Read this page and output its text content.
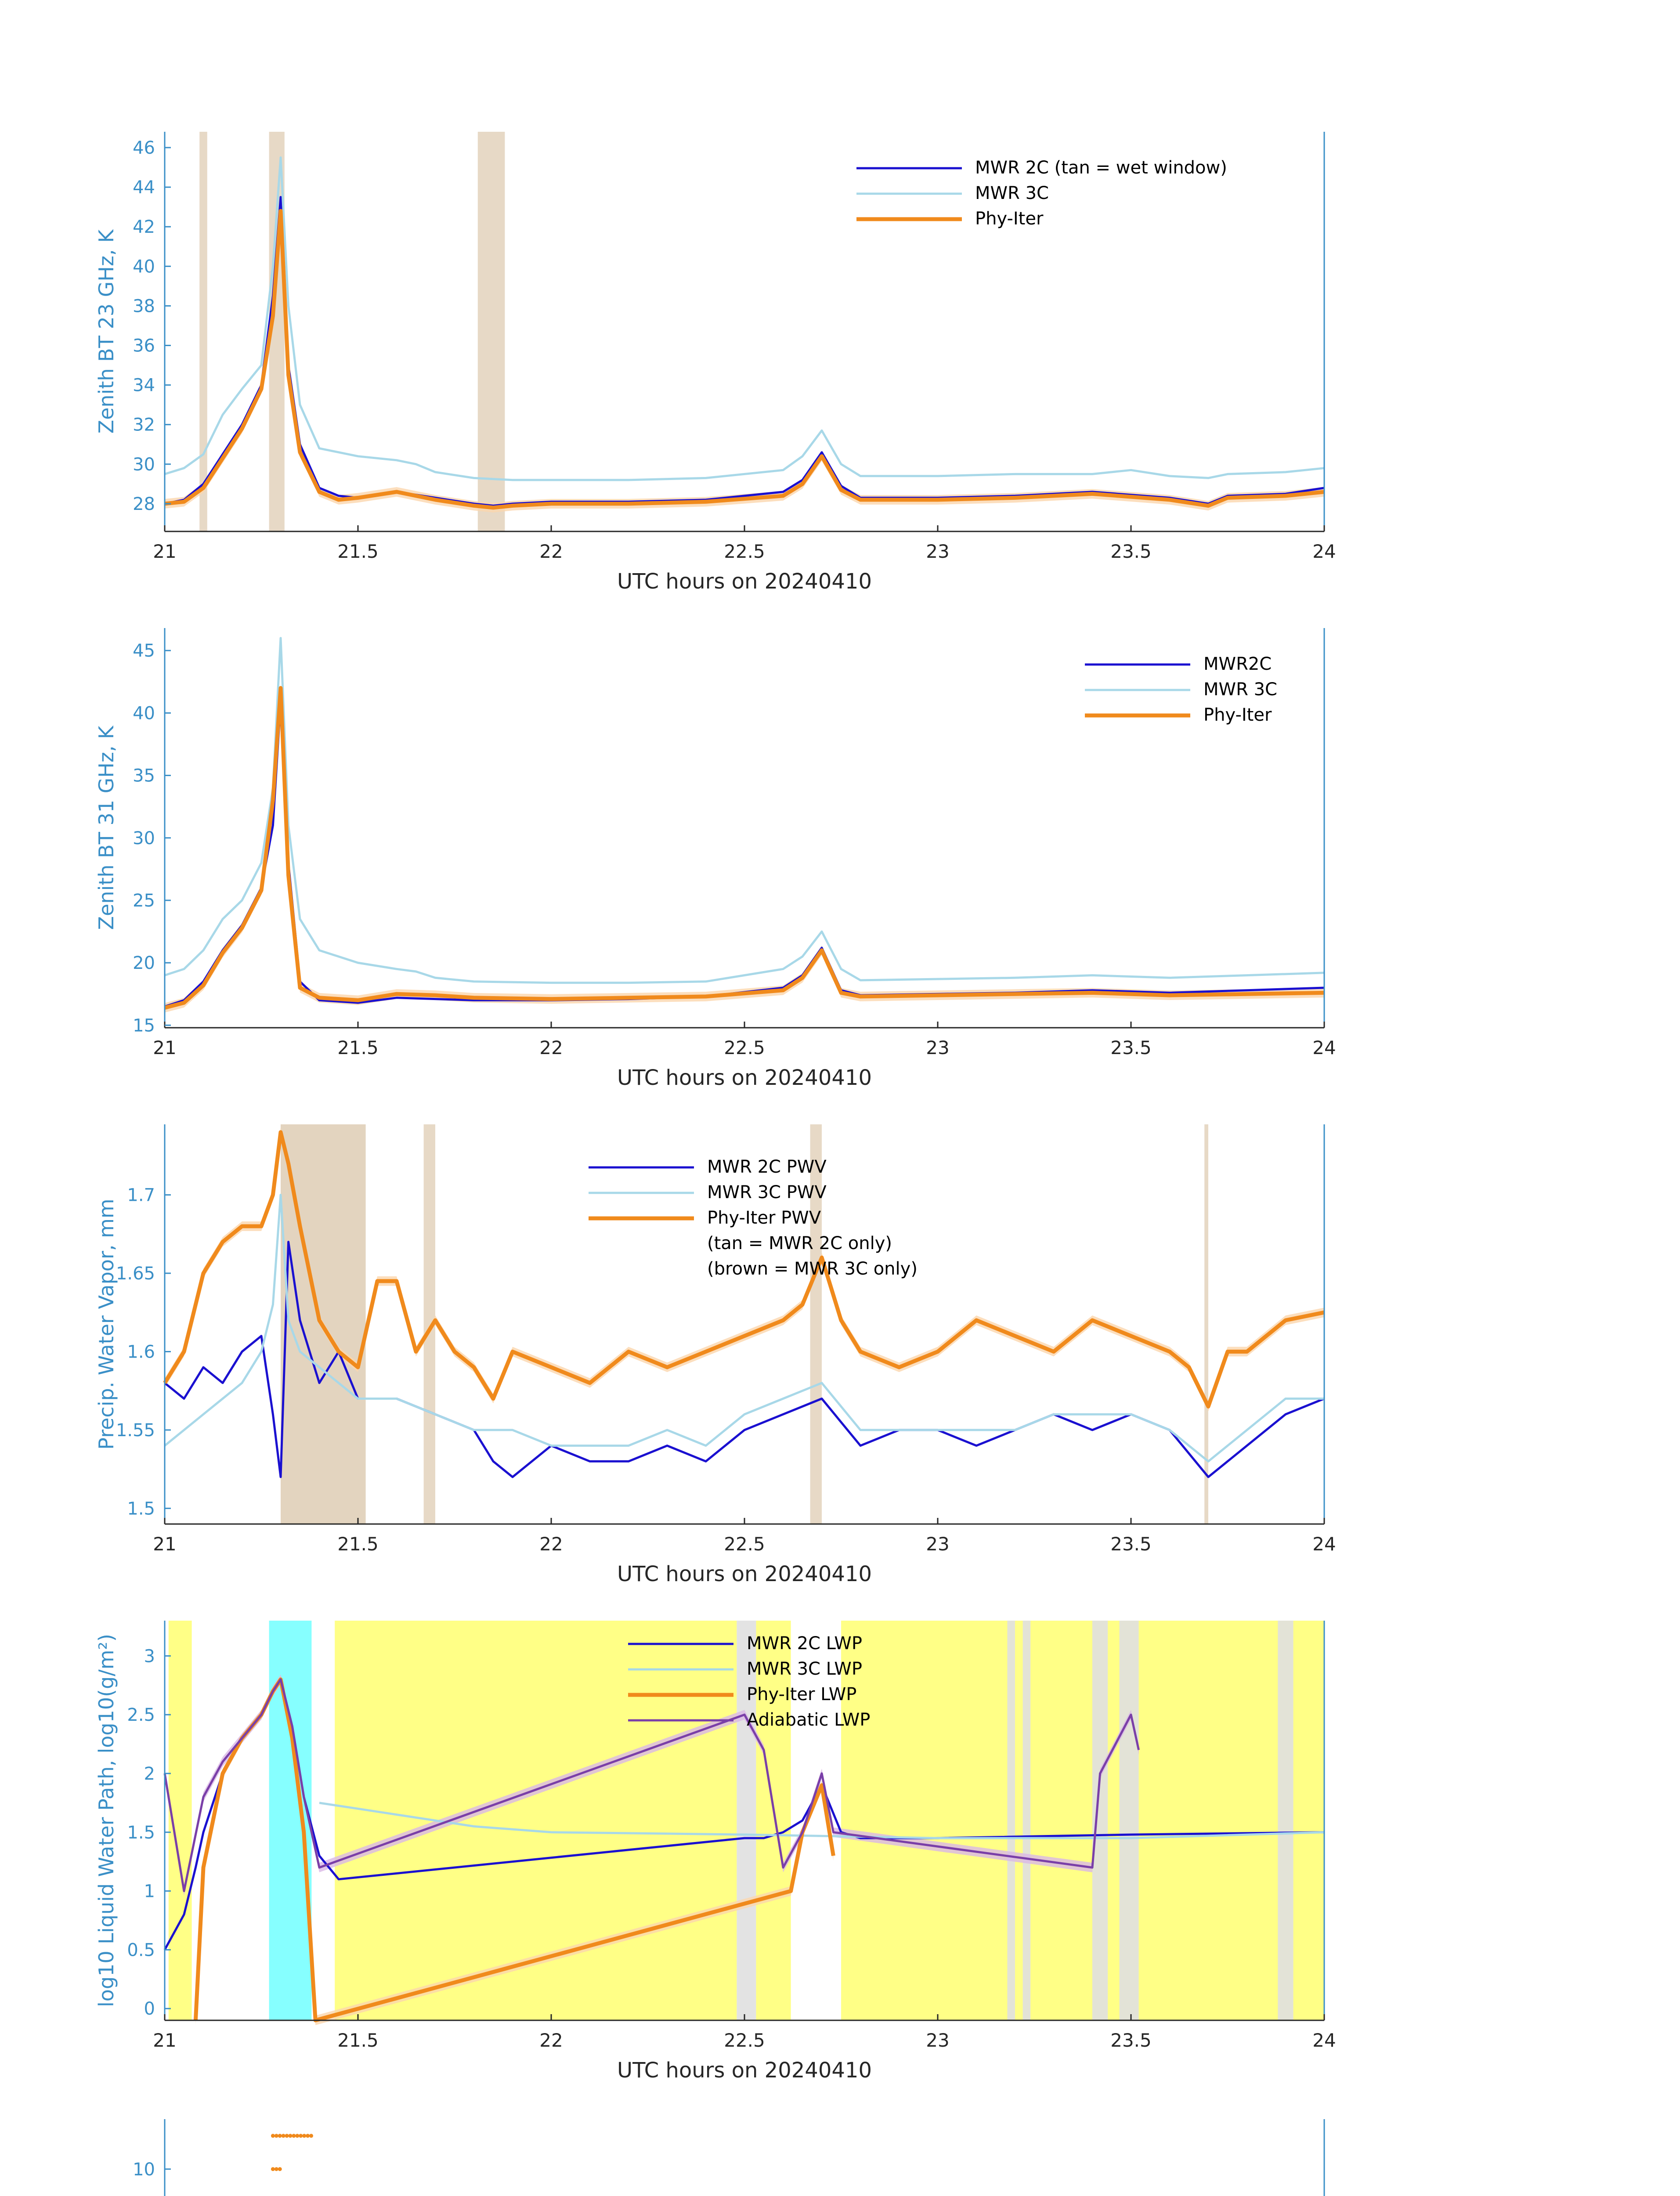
21	21.5	22	22.5	23	23.5	24
UTC hours on 20240410
28
30
32
34
36
38
40
42
44
46
Zenith BT 23 GHz, K
MWR 2C (tan = wet window)
MWR 3C
Phy-Iter
21	21.5	22	22.5	23	23.5	24
UTC hours on 20240410
15
20
25
30
35
40
45
Zenith BT 31 GHz, K
MWR2C
MWR 3C
Phy-Iter
21	21.5	22	22.5	23	23.5	24
UTC hours on 20240410
1.5
1.55
1.6
1.65
1.7
Precip. Water Vapor, mm
MWR 2C PWV
MWR 3C PWV
Phy-Iter PWV
(tan = MWR 2C only)
(brown = MWR 3C only)
21	21.5	22	22.5	23	23.5	24
UTC hours on 20240410
0
0.5
1
1.5
2
2.5
3
log10 Liquid Water Path, log10(g/m²)	MWR 2C LWP
MWR 3C LWP
Phy-Iter LWP
Adiabatic LWP
10
